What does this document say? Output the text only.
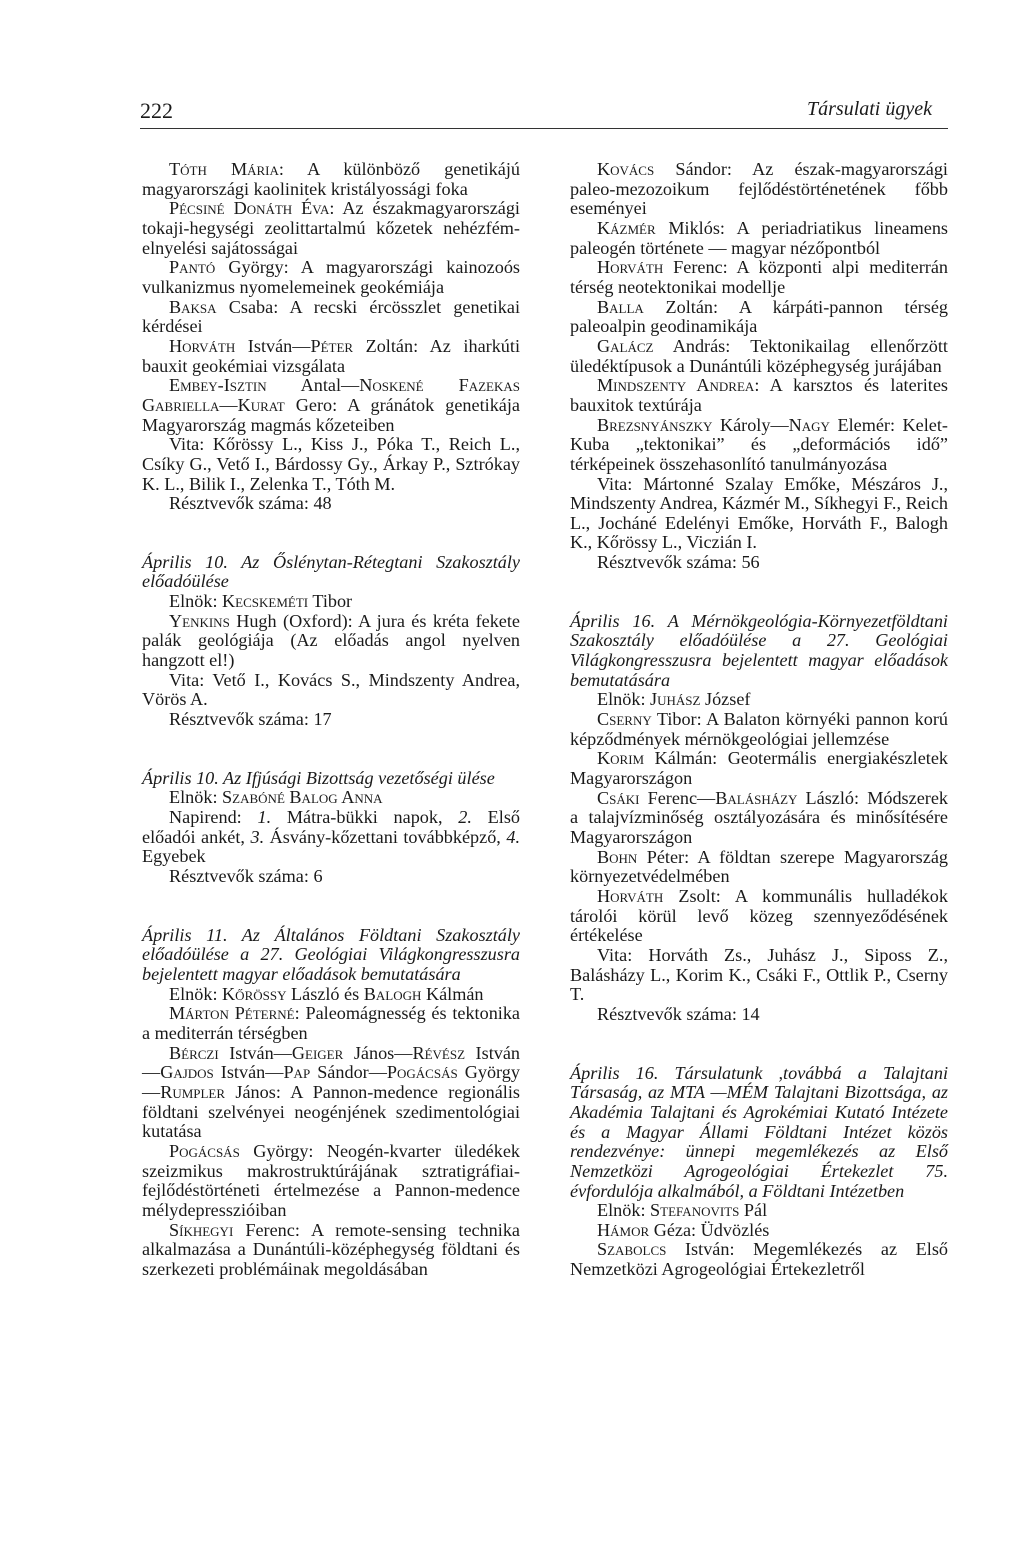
222	Társulati ügyek

Tóth Mária: A különböző genetikájú magyarországi kaolinitek kristályossági foka

Pécsiné Donáth Éva: Az északmagyarországi tokaji-hegységi zeolittartalmú kőzetek nehézfém-elnyelési sajátosságai

Pantó György: A magyarországi kainozoós vulkanizmus nyomelemeinek geokémiája

Baksa Csaba: A recski ércösszlet genetikai kérdései

Horváth István—Péter Zoltán: Az iharkúti bauxit geokémiai vizsgálata

Embey-Isztin Antal—Noskené Fazekas Gabriella—Kurat Gero: A gránátok genetikája Magyarország magmás kőzeteiben

Vita: Kőrössy L., Kiss J., Póka T., Reich L., Csíky G., Vető I., Bárdossy Gy., Árkay P., Sztrókay K. L., Bilik I., Zelenka T., Tóth M.

Résztvevők száma: 48

Április 10. Az Őslénytan-Rétegtani Szakosztály előadóülése

Elnök: Kecskeméti Tibor

Yenkins Hugh (Oxford): A jura és kréta fekete palák geológiája (Az előadás angol nyelven hangzott el!)

Vita: Vető I., Kovács S., Mindszenty Andrea, Vörös A.

Résztvevők száma: 17

Április 10. Az Ifjúsági Bizottság vezetőségi ülése

Elnök: Szabóné Balog Anna

Napirend: 1. Mátra-bükki napok, 2. Első előadói ankét, 3. Ásvány-kőzettani továbbképző, 4. Egyebek

Résztvevők száma: 6

Április 11. Az Általános Földtani Szakosztály előadóülése a 27. Geológiai Világkongresszusra bejelentett magyar előadások bemutatására

Elnök: Kőrössy László és Balogh Kálmán

Márton Péterné: Paleomágnesség és tektonika a mediterrán térségben

Bérczi István—Geiger János—Révész István—Gajdos István—Pap Sándor—Pogácsás György—Rumpler János: A Pannon-medence regionális földtani szelvényei neogénjének szedimentológiai kutatása

Pogácsás György: Neogén-kvarter üledékek szeizmikus makrostruktúrájának sztratigráfiai-fejlődéstörténeti értelmezése a Pannon-medence mélydepresszióiban

Síkhegyi Ferenc: A remote-sensing technika alkalmazása a Dunántúli-középhegység földtani és szerkezeti problémáinak megoldásában

Kovács Sándor: Az észak-magyarországi paleo-mezozoikum fejlődéstörténetének főbb eseményei

Kázmér Miklós: A periadriatikus lineamens paleogén története — magyar nézőpontból

Horváth Ferenc: A központi alpi mediterrán térség neotektonikai modellje

Balla Zoltán: A kárpáti-pannon térség paleoalpin geodinamikája

Galácz András: Tektonikailag ellenőrzött üledéktípusok a Dunántúli középhegység jurájában

Mindszenty Andrea: A karsztos és laterites bauxitok textúrája

Brezsnyánszky Károly—Nagy Elemér: Kelet-Kuba „tektonikai” és „deformációs idő” térképeinek összehasonlító tanulmányozása

Vita: Mártonné Szalay Emőke, Mészáros J., Mindszenty Andrea, Kázmér M., Síkhegyi F., Reich L., Jocháné Edelényi Emőke, Horváth F., Balogh K., Kőrössy L., Viczián I.

Résztvevők száma: 56

Április 16. A Mérnökgeológia-Környezetföldtani Szakosztály előadóülése a 27. Geológiai Világkongresszusra bejelentett magyar előadások bemutatására

Elnök: Juhász József

Cserny Tibor: A Balaton környéki pannon korú képződmények mérnökgeológiai jellemzése

Korim Kálmán: Geotermális energiakészletek Magyarországon

Csáki Ferenc—Balásházy László: Módszerek a talajvízminőség osztályozására és minősítésére Magyarországon

Bohn Péter: A földtan szerepe Magyarország környezetvédelmében

Horváth Zsolt: A kommunális hulladékok tárolói körül levő közeg szennyeződésének értékelése

Vita: Horváth Zs., Juhász J., Siposs Z., Balásházy L., Korim K., Csáki F., Ottlik P., Cserny T.

Résztvevők száma: 14

Április 16. Társulatunk ,továbbá a Talajtani Társaság, az MTA —MÉM Talajtani Bizottsága, az Akadémia Talajtani és Agrokémiai Kutató Intézete és a Magyar Állami Földtani Intézet közös rendezvénye: ünnepi megemlékezés az Első Nemzetközi Agrogeológiai Értekezlet 75. évfordulója alkalmából, a Földtani Intézetben

Elnök: Stefanovits Pál

Hámor Géza: Üdvözlés

Szabolcs István: Megemlékezés az Első Nemzetközi Agrogeológiai Értekezletről
